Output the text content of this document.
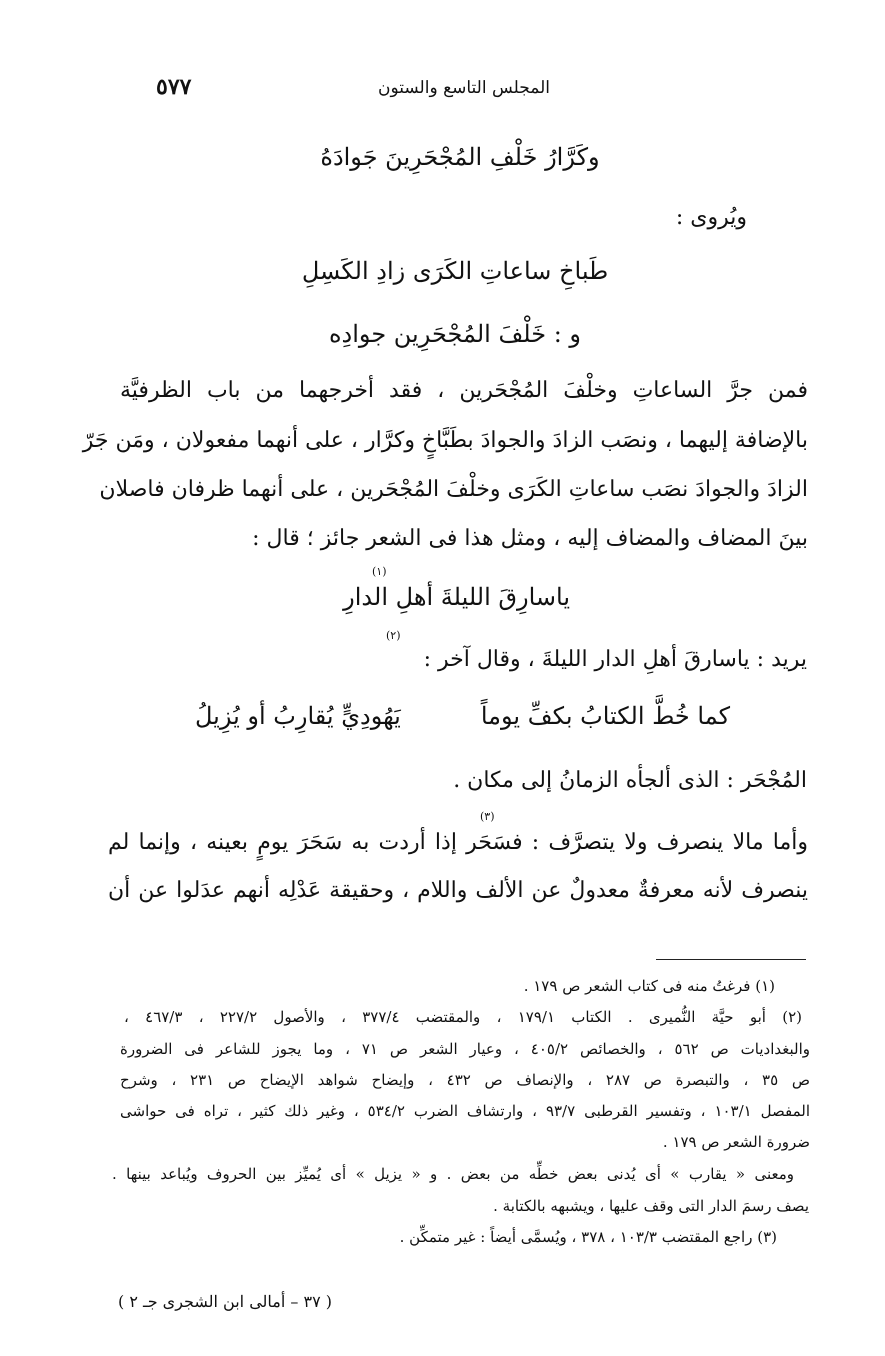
٥٧٧	المجلس التاسع والستون
وكَرَّارُ خَلْفِ المُجْحَرِينَ جَوادَهُ
ويُروى :
طَباخِ ساعاتِ الكَرَى زادِ الكَسِلِ
و : خَلْفَ المُجْحَرِين جوادِه
فمن جرَّ الساعاتِ وخلْفَ المُجْحَرين ، فقد أخرجهما من باب الظرفيَّة
بالإضافة إليهما ، ونصَب الزادَ والجوادَ بطَبَّاخٍ وكرَّار ، على أنهما مفعولان ، ومَن جَرّ
الزادَ والجوادَ نصَب ساعاتِ الكَرَى وخلْفَ المُجْحَرين ، على أنهما ظرفان فاصلان
بينَ المضاف والمضاف إليه ، ومثل هذا فى الشعر جائز ؛ قال :
ياسارِقَ الليلةَ أهلِ الدارِ
(١)
يريد : ياسارقَ أهلِ الدار الليلةَ ، وقال آخر :
(٢)
كما خُطَّ الكتابُ بكفِّ يوماً
يَهُودِيٍّ يُقارِبُ أو يُزِيلُ
المُجْحَر : الذى ألجأه الزمانُ إلى مكان .
(٣)
وأما مالا ينصرف ولا يتصرَّف : فسَحَر إذا أردت به سَحَرَ يومٍ بعينه ، وإنما لم
ينصرف لأنه معرفةٌ معدولٌ عن الألف واللام ، وحقيقة عَدْلِه أنهم عدَلوا عن أن
(١) فرغتُ منه فى كتاب الشعر ص ١٧٩ .
(٢) أبو حيَّة النُّميرى . الكتاب ١٧٩/١ ، والمقتضب ٣٧٧/٤ ، والأصول ٢٢٧/٢ ، ٤٦٧/٣ ،
والبغداديات ص ٥٦٢ ، والخصائص ٤٠٥/٢ ، وعيار الشعر ص ٧١ ، وما يجوز للشاعر فى الضرورة
ص ٣٥ ، والتبصرة ص ٢٨٧ ، والإنصاف ص ٤٣٢ ، وإيضاح شواهد الإيضاح ص ٢٣١ ، وشرح
المفصل ١٠٣/١ ، وتفسير القرطبى ٩٣/٧ ، وارتشاف الضرب ٥٣٤/٢ ، وغير ذلك كثير ، تراه فى حواشى
ضرورة الشعر ص ١٧٩ .
ومعنى « يقارب » أى يُدنى بعض خطِّه من بعض . و « يزيل » أى يُميِّز بين الحروف ويُباعد بينها .
يصف رسمَ الدار التى وقف عليها ، ويشبهه بالكتابة .
(٣) راجع المقتضب ١٠٣/٣ ، ٣٧٨ ، ويُسمَّى أيضاً : غير متمكِّن .
( ٣٧ – أمالى ابن الشجرى جـ ٢ )
